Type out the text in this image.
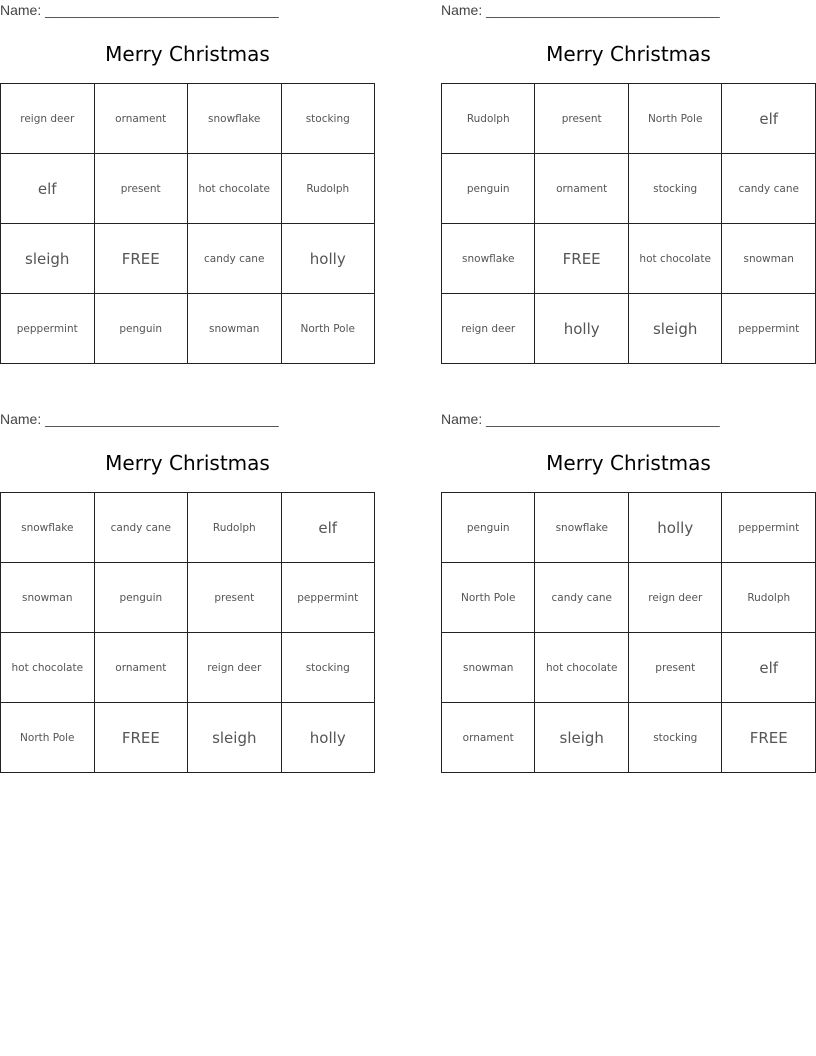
Name: ______________________________
Merry Christmas
reign deer	ornament	snowflake	stocking
elf	present	hot chocolate	Rudolph
sleigh	FREE	candy cane	holly
peppermint	penguin	snowman	North Pole
Name: ______________________________
Merry Christmas
Rudolph	present	North Pole	elf
penguin	ornament	stocking	candy cane
snowflake	FREE	hot chocolate	snowman
reign deer	holly	sleigh	peppermint
Name: ______________________________
Merry Christmas
snowflake	candy cane	Rudolph	elf
snowman	penguin	present	peppermint
hot chocolate	ornament	reign deer	stocking
North Pole	FREE	sleigh	holly
Name: ______________________________
Merry Christmas
penguin	snowflake	holly	peppermint
North Pole	candy cane	reign deer	Rudolph
snowman	hot chocolate	present	elf
ornament	sleigh	stocking	FREE
